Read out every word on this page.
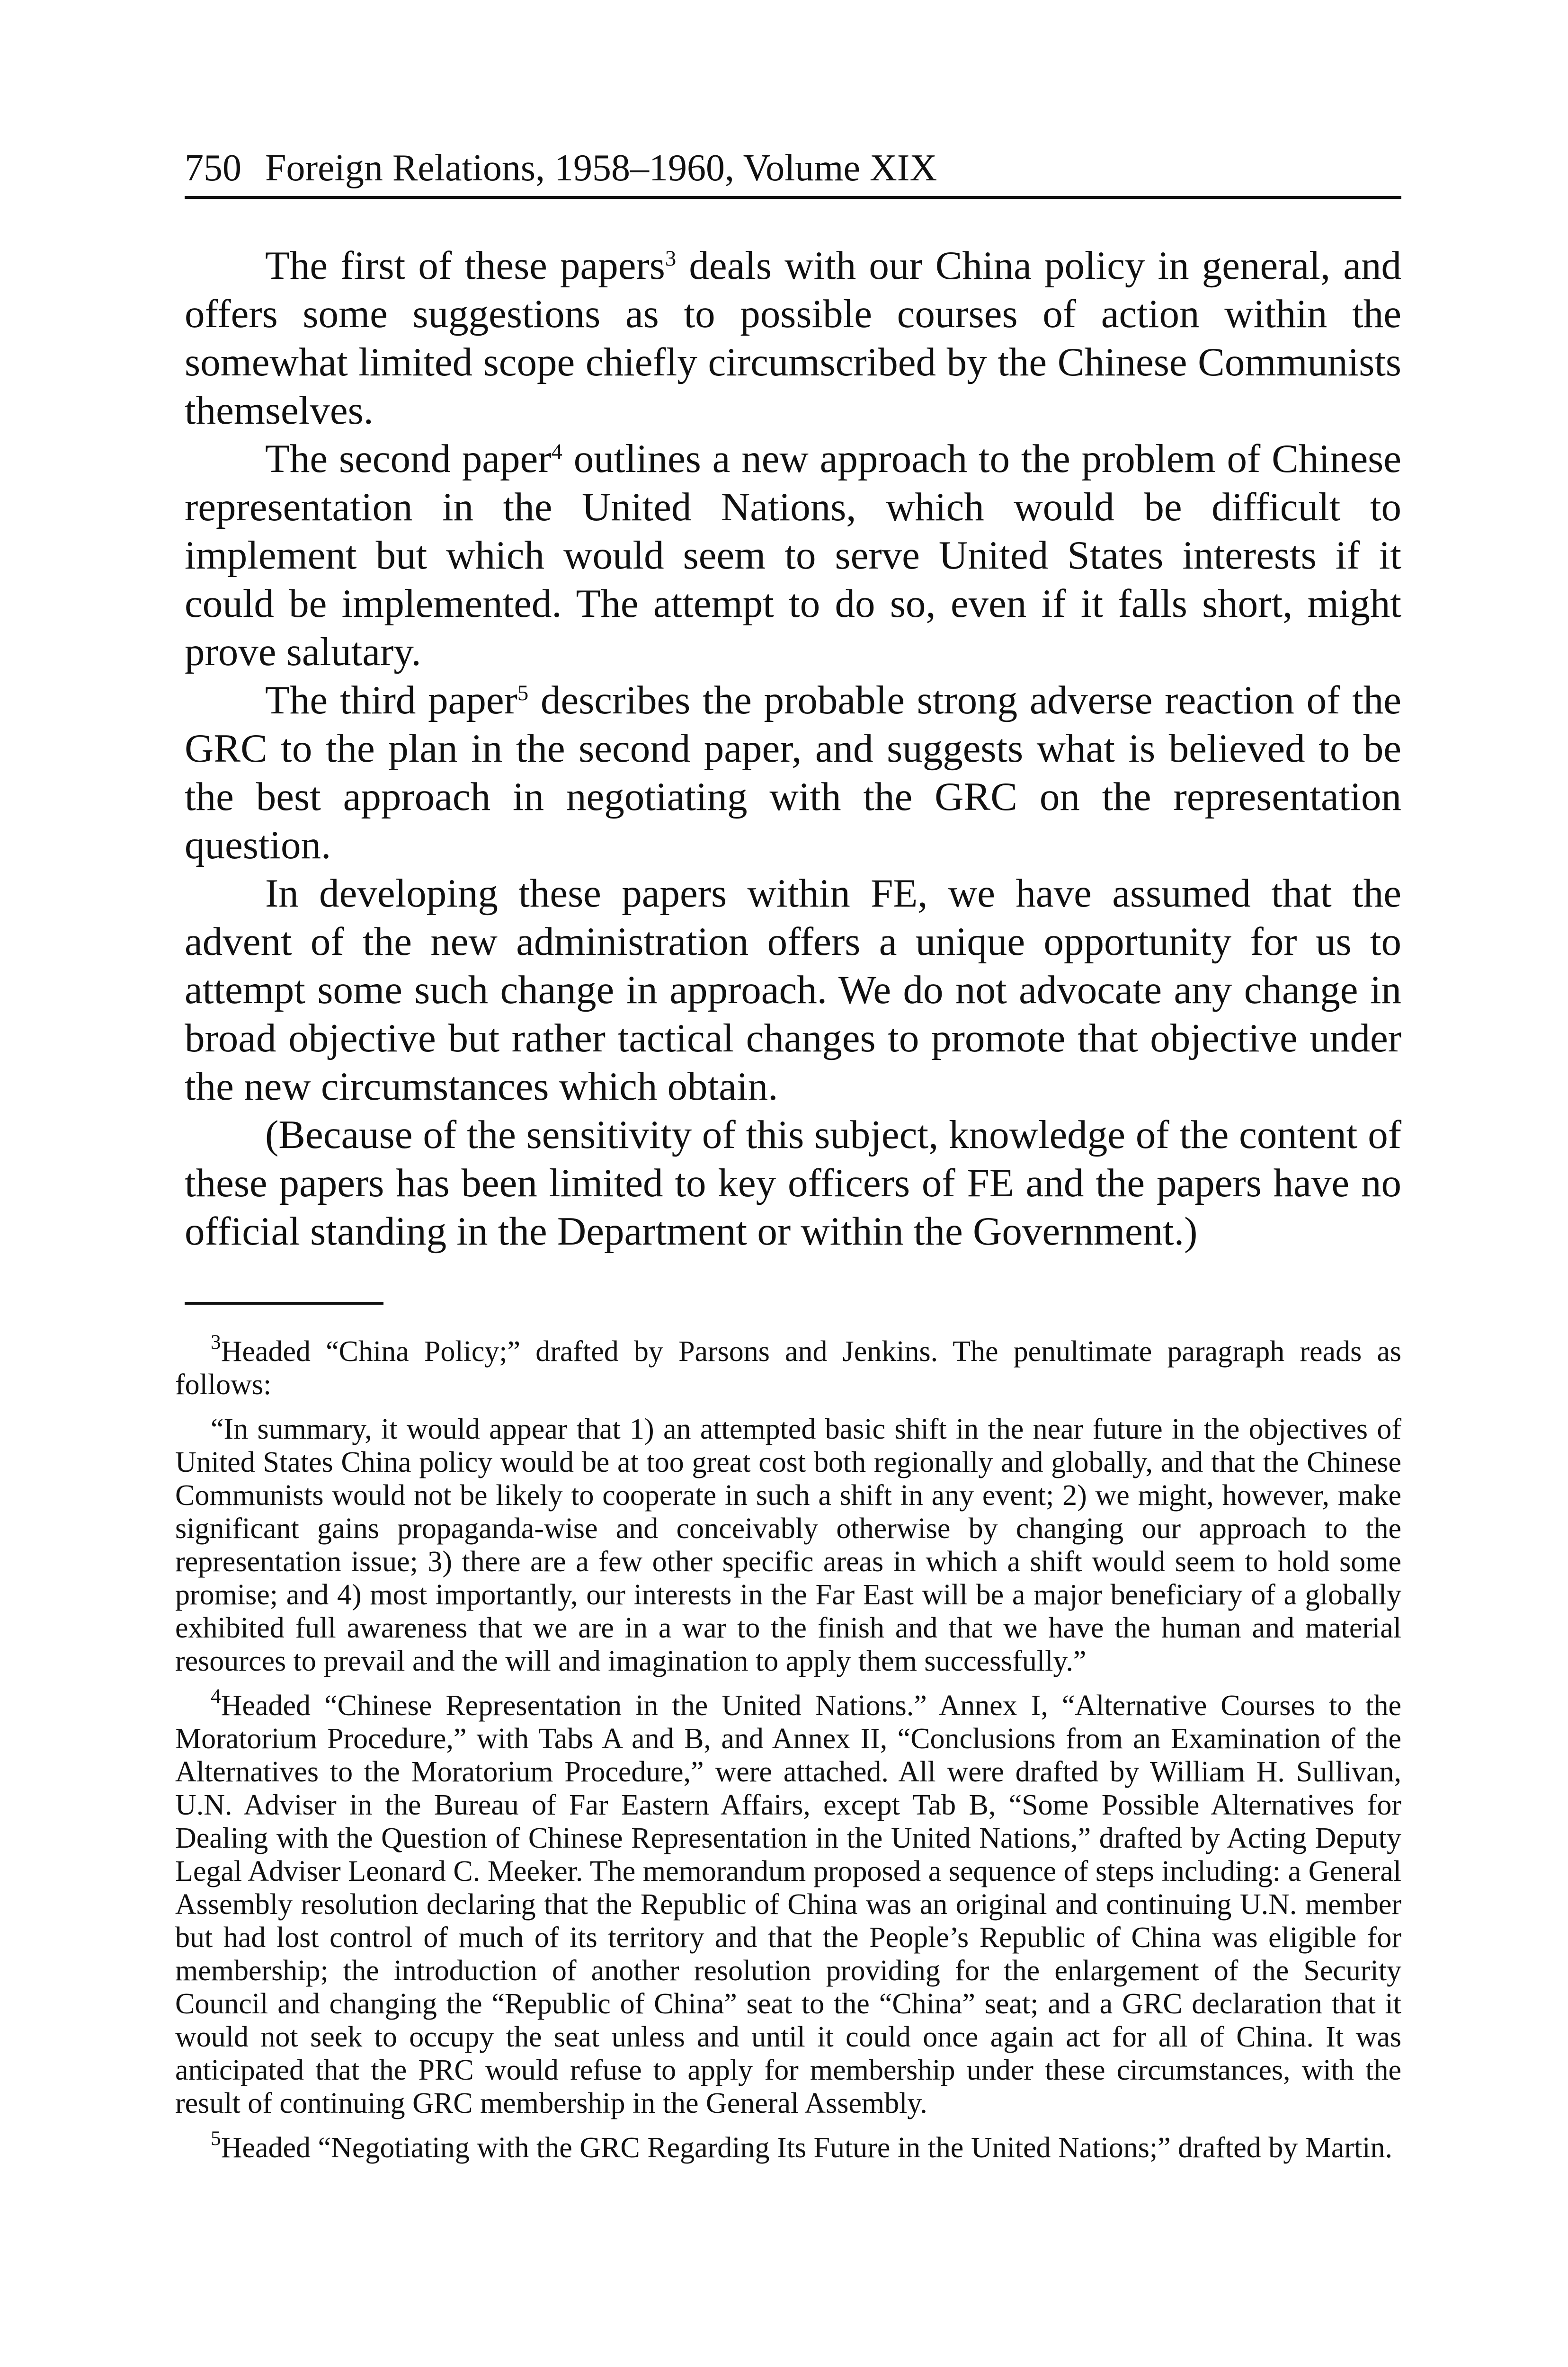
750 Foreign Relations, 1958–1960, Volume XIX

The first of these papers$^3$ deals with our China policy in general, and offers some suggestions as to possible courses of action within the somewhat limited scope chiefly circumscribed by the Chinese Communists themselves.

The second paper$^4$ outlines a new approach to the problem of Chinese representation in the United Nations, which would be difficult to implement but which would seem to serve United States interests if it could be implemented. The attempt to do so, even if it falls short, might prove salutary.

The third paper$^5$ describes the probable strong adverse reaction of the GRC to the plan in the second paper, and suggests what is believed to be the best approach in negotiating with the GRC on the representation question.

In developing these papers within FE, we have assumed that the advent of the new administration offers a unique opportunity for us to attempt some such change in approach. We do not advocate any change in broad objective but rather tactical changes to promote that objective under the new circumstances which obtain.

(Because of the sensitivity of this subject, knowledge of the content of these papers has been limited to key officers of FE and the papers have no official standing in the Department or within the Government.)

$^3$Headed “China Policy;” drafted by Parsons and Jenkins. The penultimate paragraph reads as follows:

“In summary, it would appear that 1) an attempted basic shift in the near future in the objectives of United States China policy would be at too great cost both regionally and globally, and that the Chinese Communists would not be likely to cooperate in such a shift in any event; 2) we might, however, make significant gains propaganda-wise and conceivably otherwise by changing our approach to the representation issue; 3) there are a few other specific areas in which a shift would seem to hold some promise; and 4) most importantly, our interests in the Far East will be a major beneficiary of a globally exhibited full awareness that we are in a war to the finish and that we have the human and material resources to prevail and the will and imagination to apply them successfully.”

$^4$Headed “Chinese Representation in the United Nations.” Annex I, “Alternative Courses to the Moratorium Procedure,” with Tabs A and B, and Annex II, “Conclusions from an Examination of the Alternatives to the Moratorium Procedure,” were attached. All were drafted by William H. Sullivan, U.N. Adviser in the Bureau of Far Eastern Affairs, except Tab B, “Some Possible Alternatives for Dealing with the Question of Chinese Representation in the United Nations,” drafted by Acting Deputy Legal Adviser Leonard C. Meeker. The memorandum proposed a sequence of steps including: a General Assembly resolution declaring that the Republic of China was an original and continuing U.N. member but had lost control of much of its territory and that the People’s Republic of China was eligible for membership; the introduction of another resolution providing for the enlargement of the Security Council and changing the “Republic of China” seat to the “China” seat; and a GRC declaration that it would not seek to occupy the seat unless and until it could once again act for all of China. It was anticipated that the PRC would refuse to apply for membership under these circumstances, with the result of continuing GRC membership in the General Assembly.

$^5$Headed “Negotiating with the GRC Regarding Its Future in the United Nations;” drafted by Martin.
